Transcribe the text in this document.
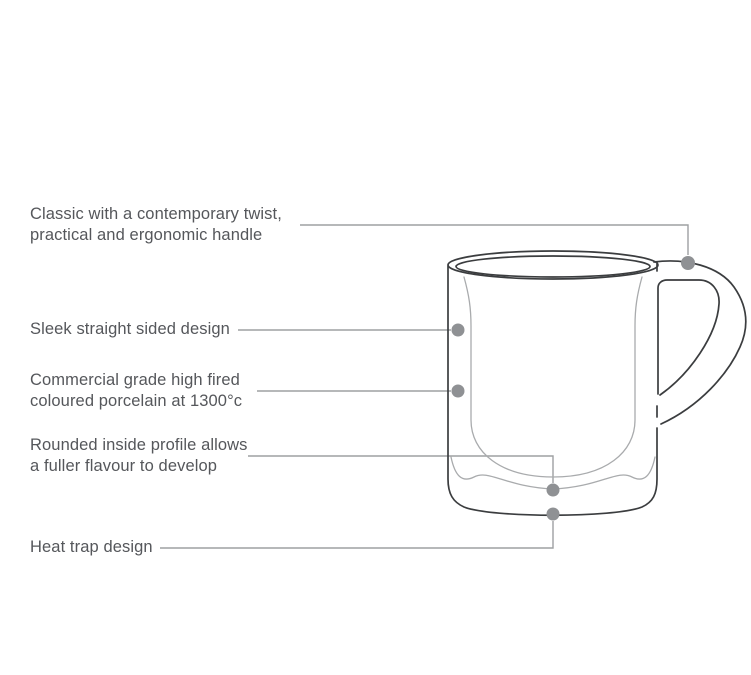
Classic with a contemporary twist,
practical and ergonomic handle
Sleek straight sided design
Commercial grade high fired
coloured porcelain at 1300°c
Rounded inside profile allows
a fuller flavour to develop
Heat trap design
